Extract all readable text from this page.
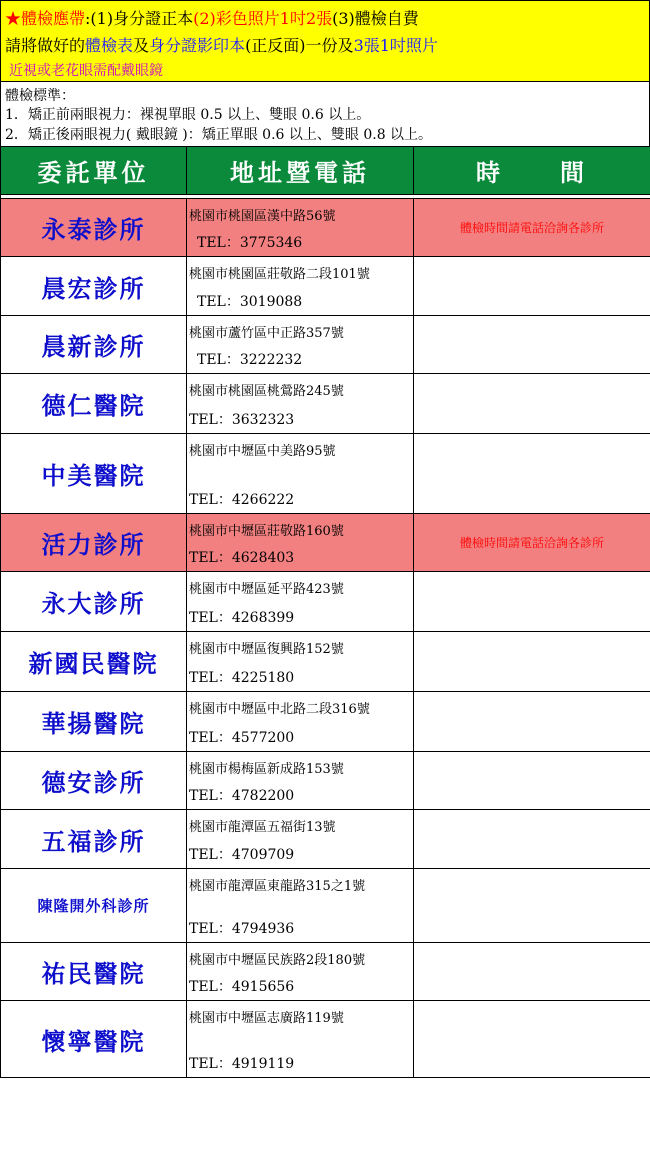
★體檢應帶:(1)身分證正本(2)彩色照片1吋2張(3)體檢自費
請將做好的體檢表及身分證影印本(正反面)一份及3張1吋照片
近視或老花眼需配戴眼鏡
體檢標準：
1．矯正前兩眼視力：裸視單眼 0.5 以上、雙眼 0.6 以上。
2．矯正後兩眼視力( 戴眼鏡 )：矯正單眼 0.6 以上、雙眼 0.8 以上。
委託單位	地址暨電話	時　　間

永泰診所	桃園市桃園區漢中路56號
TEL：3775346	體檢時間請電話洽詢各診所
晨宏診所	桃園市桃園區莊敬路二段101號
TEL：3019088	

晨新診所	桃園市蘆竹區中正路357號
TEL：3222232	

德仁醫院	桃園市桃園區桃鶯路245號
TEL：3632323	

中美醫院	桃園市中壢區中美路95號
TEL：4266222	

活力診所	桃園市中壢區莊敬路160號
TEL：4628403	體檢時間請電話洽詢各診所
永大診所	桃園市中壢區延平路423號
TEL：4268399	

新國民醫院	桃園市中壢區復興路152號
TEL：4225180	

華揚醫院	桃園市中壢區中北路二段316號
TEL：4577200	

德安診所	桃園市楊梅區新成路153號
TEL：4782200	

五福診所	桃園市龍潭區五福街13號
TEL：4709709	

陳隆開外科診所	桃園市龍潭區東龍路315之1號
TEL：4794936	

祐民醫院	桃園市中壢區民族路2段180號
TEL：4915656	

懷寧醫院	桃園市中壢區志廣路119號
TEL：4919119	
